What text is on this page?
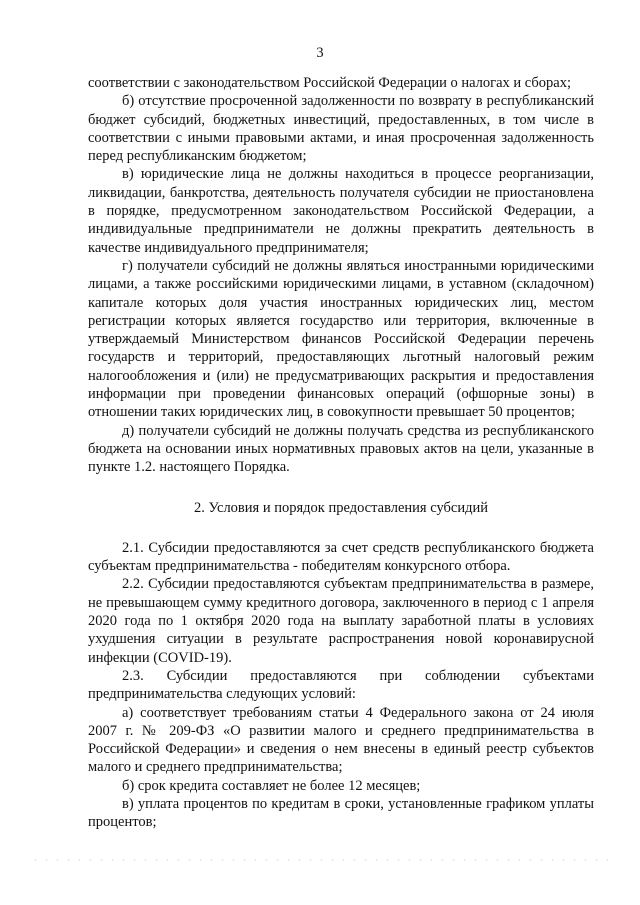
3

соответствии с законодательством Российской Федерации о налогах и сборах;

б) отсутствие просроченной задолженности по возврату в республиканский бюджет субсидий, бюджетных инвестиций, предоставленных, в том числе в соответствии с иными правовыми актами, и иная просроченная задолженность перед республиканским бюджетом;

в) юридические лица не должны находиться в процессе реорганизации, ликвидации, банкротства, деятельность получателя субсидии не приостановлена в порядке, предусмотренном законодательством Российской Федерации, а индивидуальные предприниматели не должны прекратить деятельность в качестве индивидуального предпринимателя;

г) получатели субсидий не должны являться иностранными юридическими лицами, а также российскими юридическими лицами, в уставном (складочном) капитале которых доля участия иностранных юридических лиц, местом регистрации которых является государство или территория, включенные в утверждаемый Министерством финансов Российской Федерации перечень государств и территорий, предоставляющих льготный налоговый режим налогообложения и (или) не предусматривающих раскрытия и предоставления информации при проведении финансовых операций (офшорные зоны) в отношении таких юридических лиц, в совокупности превышает 50 процентов;

д) получатели субсидий не должны получать средства из республиканского бюджета на основании иных нормативных правовых актов на цели, указанные в пункте 1.2. настоящего Порядка.

2. Условия и порядок предоставления субсидий

2.1. Субсидии предоставляются за счет средств республиканского бюджета субъектам предпринимательства - победителям конкурсного отбора.

2.2. Субсидии предоставляются субъектам предпринимательства в размере, не превышающем сумму кредитного договора, заключенного в период с 1 апреля 2020 года по 1 октября 2020 года на выплату заработной платы в условиях ухудшения ситуации в результате распространения новой коронавирусной инфекции (COVID-19).

2.3. Субсидии предоставляются при соблюдении субъектами предпринимательства следующих условий:

а) соответствует требованиям статьи 4 Федерального закона от 24 июля 2007 г. № 209-ФЗ «О развитии малого и среднего предпринимательства в Российской Федерации» и сведения о нем внесены в единый реестр субъектов малого и среднего предпринимательства;

б) срок кредита составляет не более 12 месяцев;

в) уплата процентов по кредитам в сроки, установленные графиком уплаты процентов;
